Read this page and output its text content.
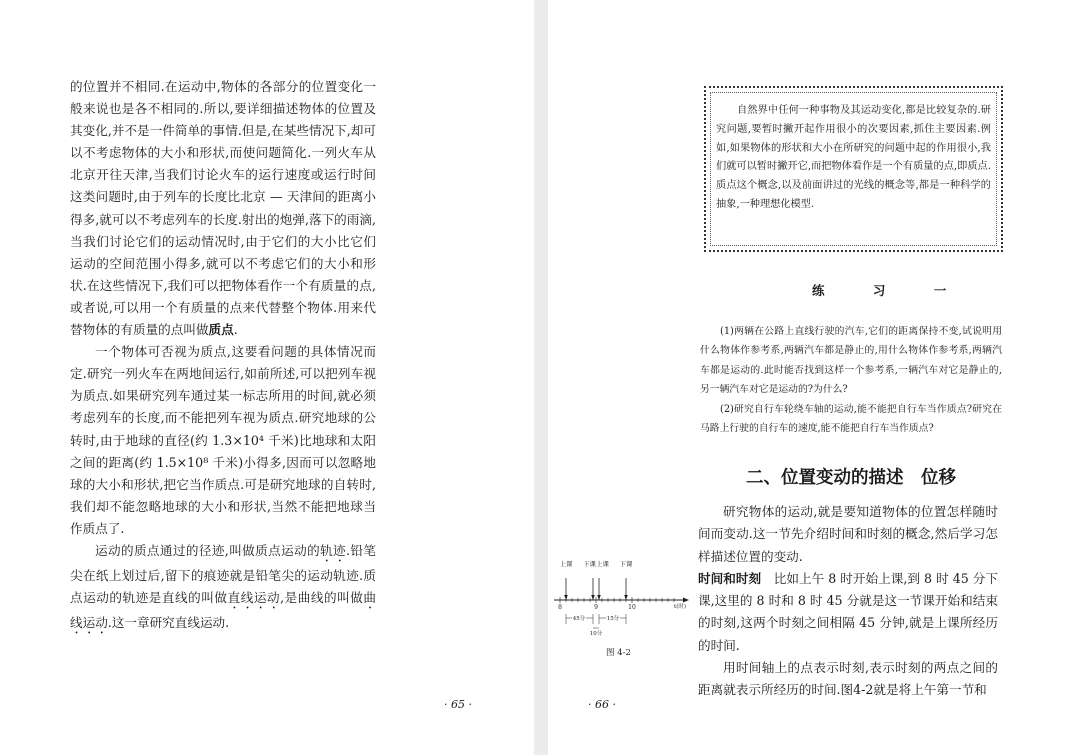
的位置并不相同.在运动中,物体的各部分的位置变化一般来说也是各不相同的.所以,要详细描述物体的位置及其变化,并不是一件简单的事情.但是,在某些情况下,却可以不考虑物体的大小和形状,而使问题简化.一列火车从北京开往天津,当我们讨论火车的运行速度或运行时间这类问题时,由于列车的长度比北京 — 天津间的距离小得多,就可以不考虑列车的长度.射出的炮弹,落下的雨滴,当我们讨论它们的运动情况时,由于它们的大小比它们运动的空间范围小得多,就可以不考虑它们的大小和形状.在这些情况下,我们可以把物体看作一个有质量的点,或者说,可以用一个有质量的点来代替整个物体.用来代替物体的有质量的点叫做质点.

一个物体可否视为质点,这要看问题的具体情况而定.研究一列火车在两地间运行,如前所述,可以把列车视为质点.如果研究列车通过某一标志所用的时间,就必须考虑列车的长度,而不能把列车视为质点.研究地球的公转时,由于地球的直径(约 1.3×10⁴ 千米)比地球和太阳之间的距离(约 1.5×10⁸ 千米)小得多,因而可以忽略地球的大小和形状,把它当作质点.可是研究地球的自转时,我们却不能忽略地球的大小和形状,当然不能把地球当作质点了.

运动的质点通过的径迹,叫做质点运动的轨迹.铅笔尖在纸上划过后,留下的痕迹就是铅笔尖的运动轨迹.质点运动的轨迹是直线的叫做直线运动,是曲线的叫做曲线运动.这一章研究直线运动.

· 65 ·
自然界中任何一种事物及其运动变化,都是比较复杂的.研究问题,要暂时撇开起作用很小的次要因素,抓住主要因素.例如,如果物体的形状和大小在所研究的问题中起的作用很小,我们就可以暂时撇开它,而把物体看作是一个有质量的点,即质点.质点这个概念,以及前面讲过的光线的概念等,都是一种科学的抽象,一种理想化模型.
练 习 一

(1)两辆在公路上直线行驶的汽车,它们的距离保持不变,试说明用什么物体作参考系,两辆汽车都是静止的,用什么物体作参考系,两辆汽车都是运动的.此时能否找到这样一个参考系,一辆汽车对它是静止的,另一辆汽车对它是运动的?为什么?

(2)研究自行车轮绕车轴的运动,能不能把自行车当作质点?研究在马路上行驶的自行车的速度,能不能把自行车当作质点?

二、位置变动的描述　位移

研究物体的运动,就是要知道物体的位置怎样随时间而变动.这一节先介绍时间和时刻的概念,然后学习怎样描述位置的变动.

时间和时刻　比如上午 8 时开始上课,到 8 时 45 分下课,这里的 8 时和 8 时 45 分就是这一节课开始和结束的时刻,这两个时刻之间相隔 45 分钟,就是上课所经历的时间.

用时间轴上的点表示时刻,表示时刻的两点之间的距离就表示所经历的时间.图4-2就是将上午第一节和

上课 下课上课 下课
8	9	10	t(时)
45分	15分
10分
图 4-2
· 66 ·
